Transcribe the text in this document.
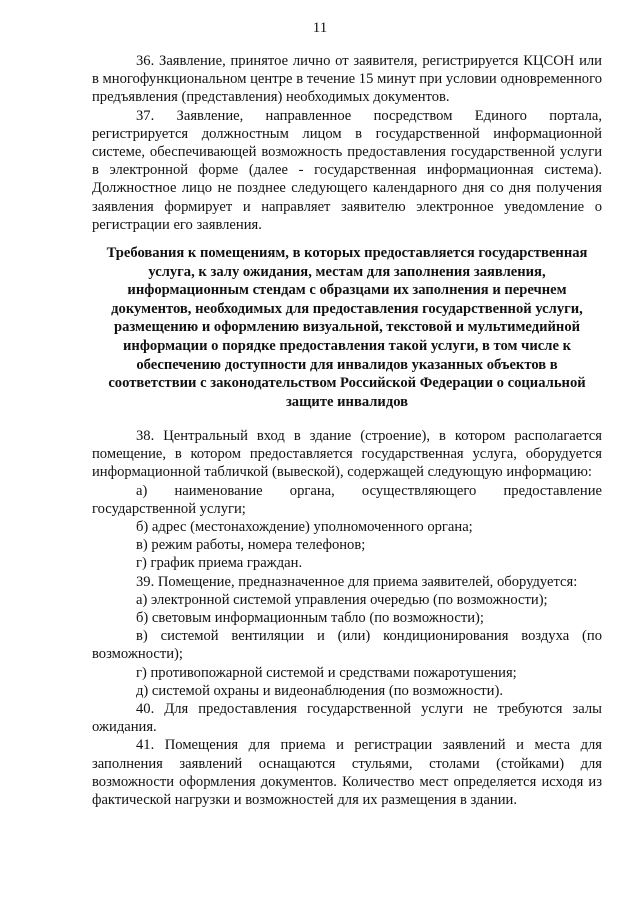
11

36. Заявление, принятое лично от заявителя, регистрируется КЦСОН или в многофункциональном центре в течение 15 минут при условии одновременного предъявления (представления) необходимых документов.

37. Заявление, направленное посредством Единого портала, регистрируется должностным лицом в государственной информационной системе, обеспечивающей возможность предоставления государственной услуги в электронной форме (далее - государственная информационная система). Должностное лицо не позднее следующего календарного дня со дня получения заявления формирует и направляет заявителю электронное уведомление о регистрации его заявления.

Требования к помещениям, в которых предоставляется государственная услуга, к залу ожидания, местам для заполнения заявления, информационным стендам с образцами их заполнения и перечнем документов, необходимых для предоставления государственной услуги, размещению и оформлению визуальной, текстовой и мультимедийной информации о порядке предоставления такой услуги, в том числе к обеспечению доступности для инвалидов указанных объектов в соответствии с законодательством Российской Федерации о социальной защите инвалидов

38. Центральный вход в здание (строение), в котором располагается помещение, в котором предоставляется государственная услуга, оборудуется информационной табличкой (вывеской), содержащей следующую информацию:

а) наименование органа, осуществляющего предоставление государственной услуги;

б) адрес (местонахождение) уполномоченного органа;

в) режим работы, номера телефонов;

г) график приема граждан.

39. Помещение, предназначенное для приема заявителей, оборудуется:

а) электронной системой управления очередью (по возможности);

б) световым информационным табло (по возможности);

в) системой вентиляции и (или) кондиционирования воздуха (по возможности);

г) противопожарной системой и средствами пожаротушения;

д) системой охраны и видеонаблюдения (по возможности).

40. Для предоставления государственной услуги не требуются залы ожидания.

41. Помещения для приема и регистрации заявлений и места для заполнения заявлений оснащаются стульями, столами (стойками) для возможности оформления документов. Количество мест определяется исходя из фактической нагрузки и возможностей для их размещения в здании.
